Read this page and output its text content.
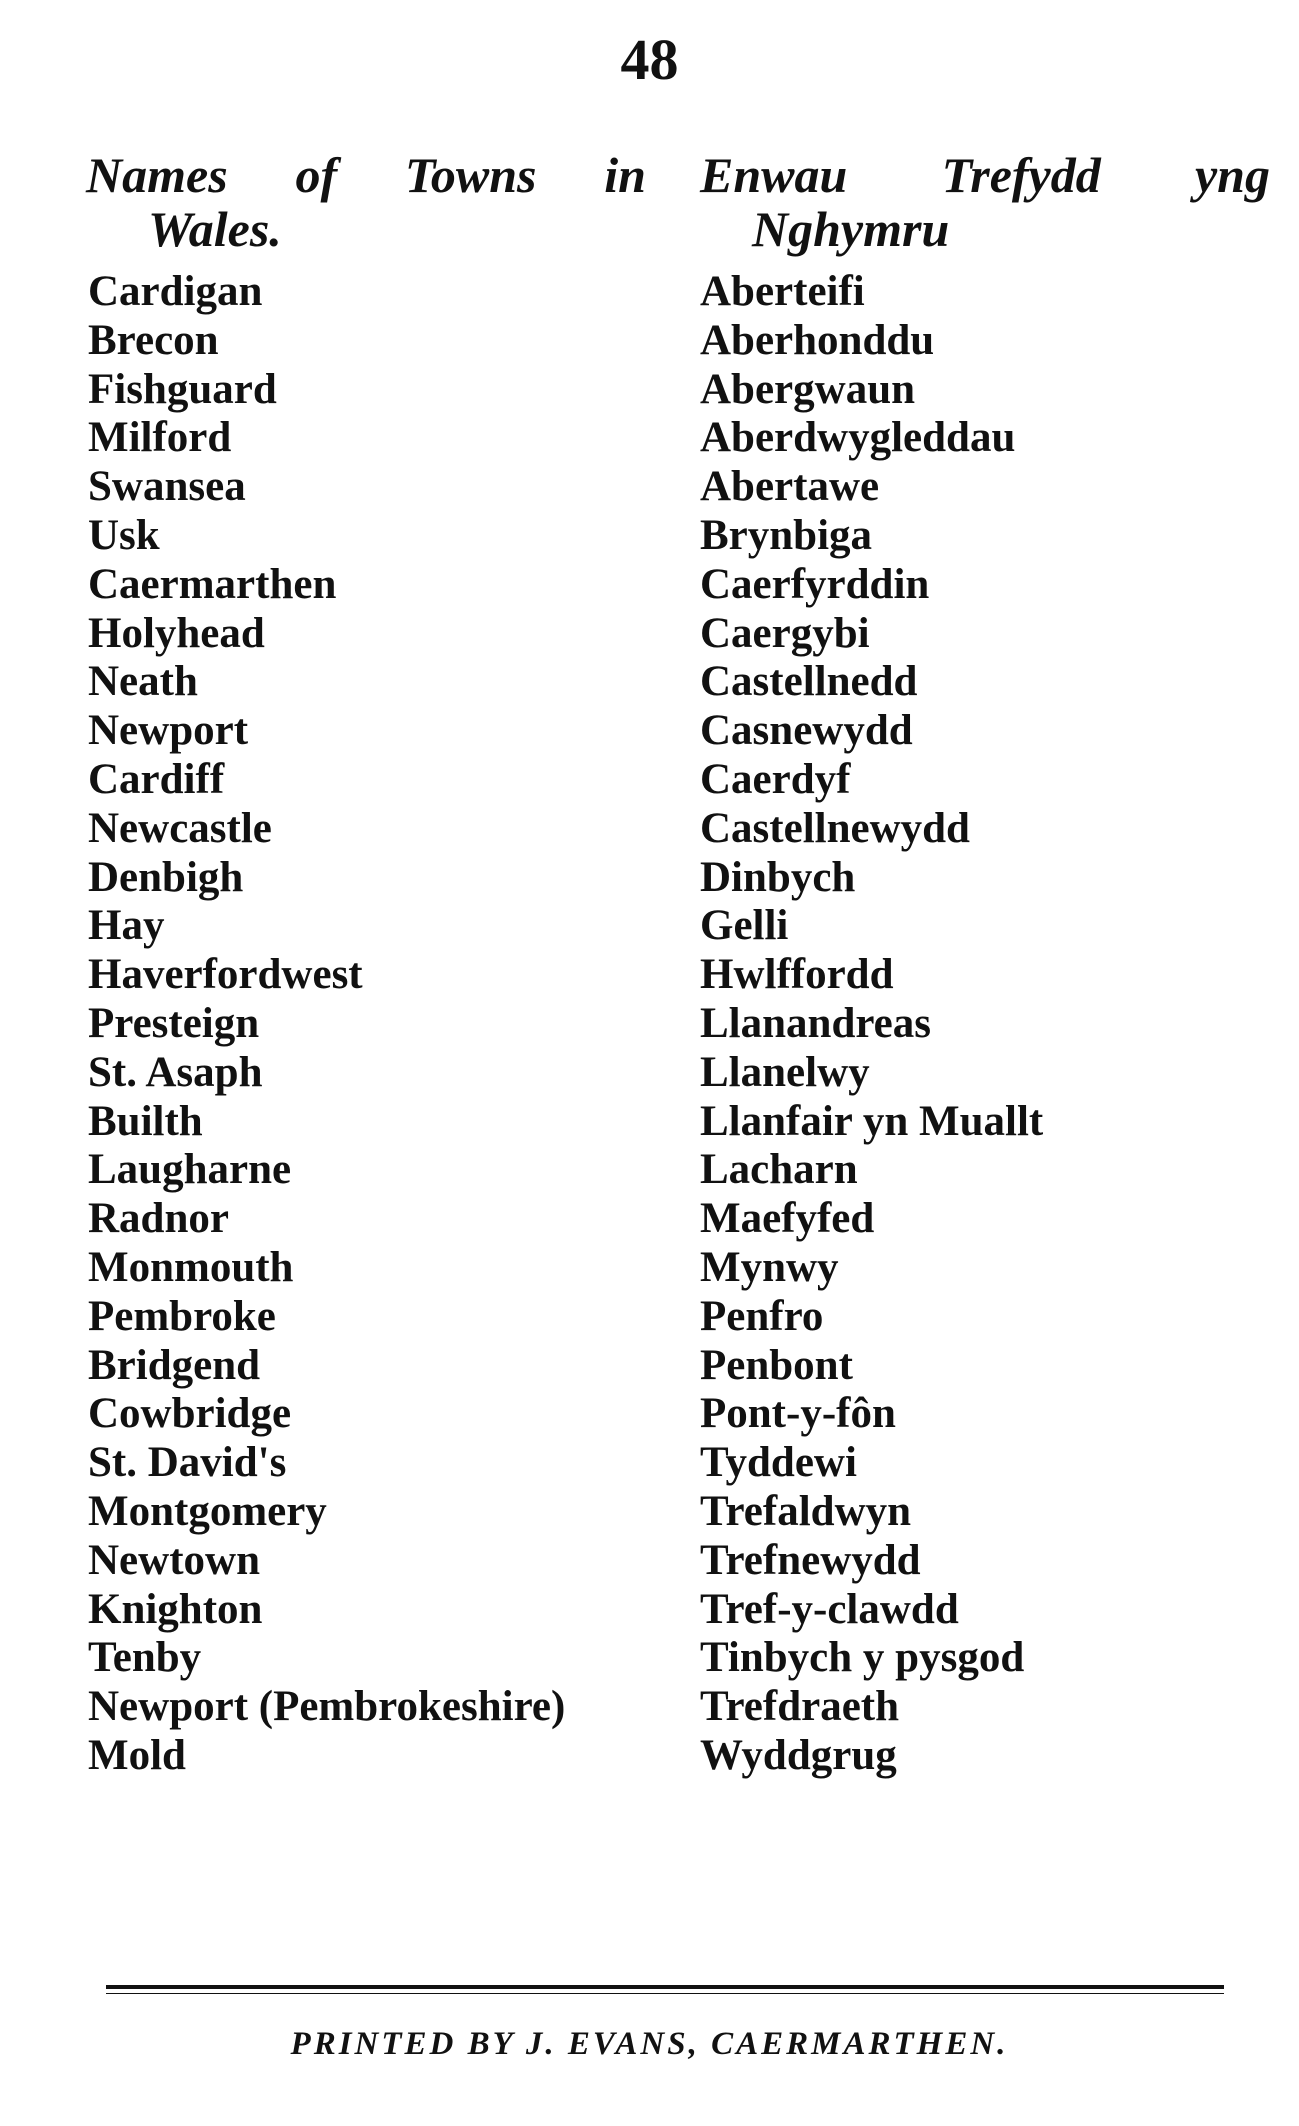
48
Names of Towns in
Wales.
Enwau Trefydd yng
Nghymru
Cardigan
Brecon
Fishguard
Milford
Swansea
Usk
Caermarthen
Holyhead
Neath
Newport
Cardiff
Newcastle
Denbigh
Hay
Haverfordwest
Presteign
St. Asaph
Builth
Laugharne
Radnor
Monmouth
Pembroke
Bridgend
Cowbridge
St. David's
Montgomery
Newtown
Knighton
Tenby
Newport (Pembrokeshire)
Mold
Aberteifi
Aberhonddu
Abergwaun
Aberdwygleddau
Abertawe
Brynbiga
Caerfyrddin
Caergybi
Castellnedd
Casnewydd
Caerdyf
Castellnewydd
Dinbych
Gelli
Hwlffordd
Llanandreas
Llanelwy
Llanfair yn Muallt
Lacharn
Maefyfed
Mynwy
Penfro
Penbont
Pont-y-fôn
Tyddewi
Trefaldwyn
Trefnewydd
Tref-y-clawdd
Tinbych y pysgod
Trefdraeth
Wyddgrug
PRINTED BY J. EVANS, CAERMARTHEN.
